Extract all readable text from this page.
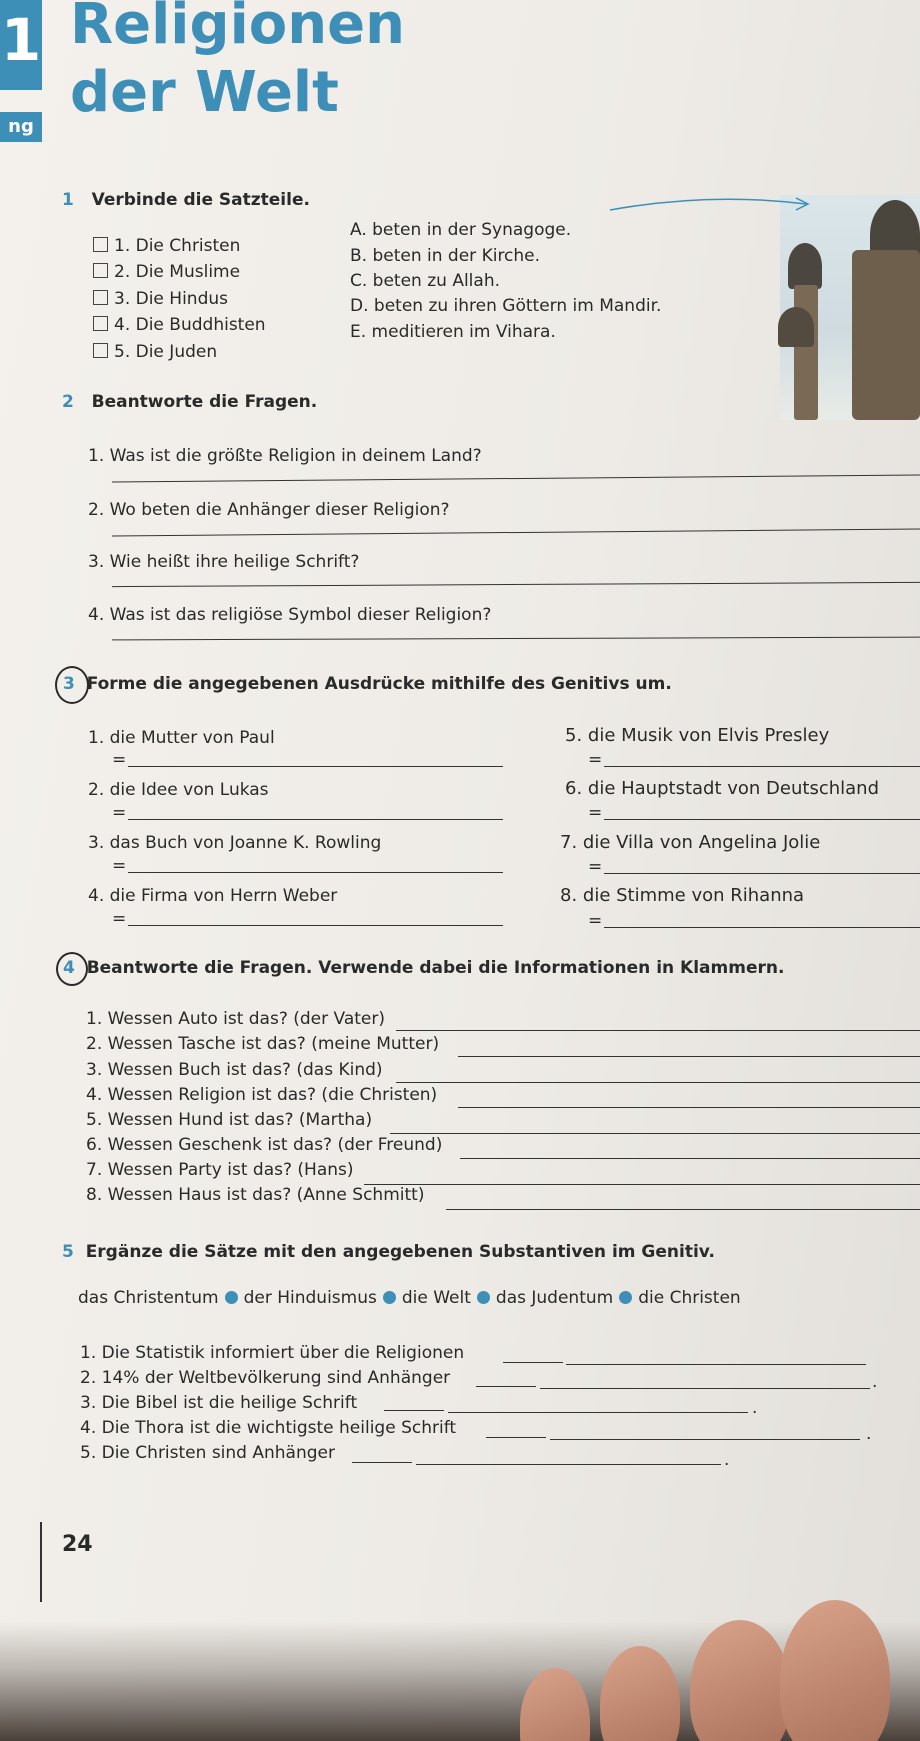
1
ng
Religionen
der Welt
1 Verbinde die Satzteile.
1. Die Christen
2. Die Muslime
3. Die Hindus
4. Die Buddhisten
5. Die Juden
A. beten in der Synagoge.
B. beten in der Kirche.
C. beten zu Allah.
D. beten zu ihren Göttern im Mandir.
E. meditieren im Vihara.
2 Beantworte die Fragen.
1. Was ist die größte Religion in deinem Land?
2. Wo beten die Anhänger dieser Religion?
3. Wie heißt ihre heilige Schrift?
4. Was ist das religiöse Symbol dieser Religion?
3 Forme die angegebenen Ausdrücke mithilfe des Genitivs um.
1. die Mutter von Paul
=
2. die Idee von Lukas
=
3. das Buch von Joanne K. Rowling
=
4. die Firma von Herrn Weber
=
5. die Musik von Elvis Presley
=
6. die Hauptstadt von Deutschland
=
7. die Villa von Angelina Jolie
=
8. die Stimme von Rihanna
=
4 Beantworte die Fragen. Verwende dabei die Informationen in Klammern.
1. Wessen Auto ist das? (der Vater)
2. Wessen Tasche ist das? (meine Mutter)
3. Wessen Buch ist das? (das Kind)
4. Wessen Religion ist das? (die Christen)
5. Wessen Hund ist das? (Martha)
6. Wessen Geschenk ist das? (der Freund)
7. Wessen Party ist das? (Hans)
8. Wessen Haus ist das? (Anne Schmitt)
5 Ergänze die Sätze mit den angegebenen Substantiven im Genitiv.
das Christentum der Hinduismus die Welt das Judentum die Christen
1. Die Statistik informiert über die Religionen
2. 14% der Weltbevölkerung sind Anhänger	.
3. Die Bibel ist die heilige Schrift	.
4. Die Thora ist die wichtigste heilige Schrift	.
5. Die Christen sind Anhänger	.
24
